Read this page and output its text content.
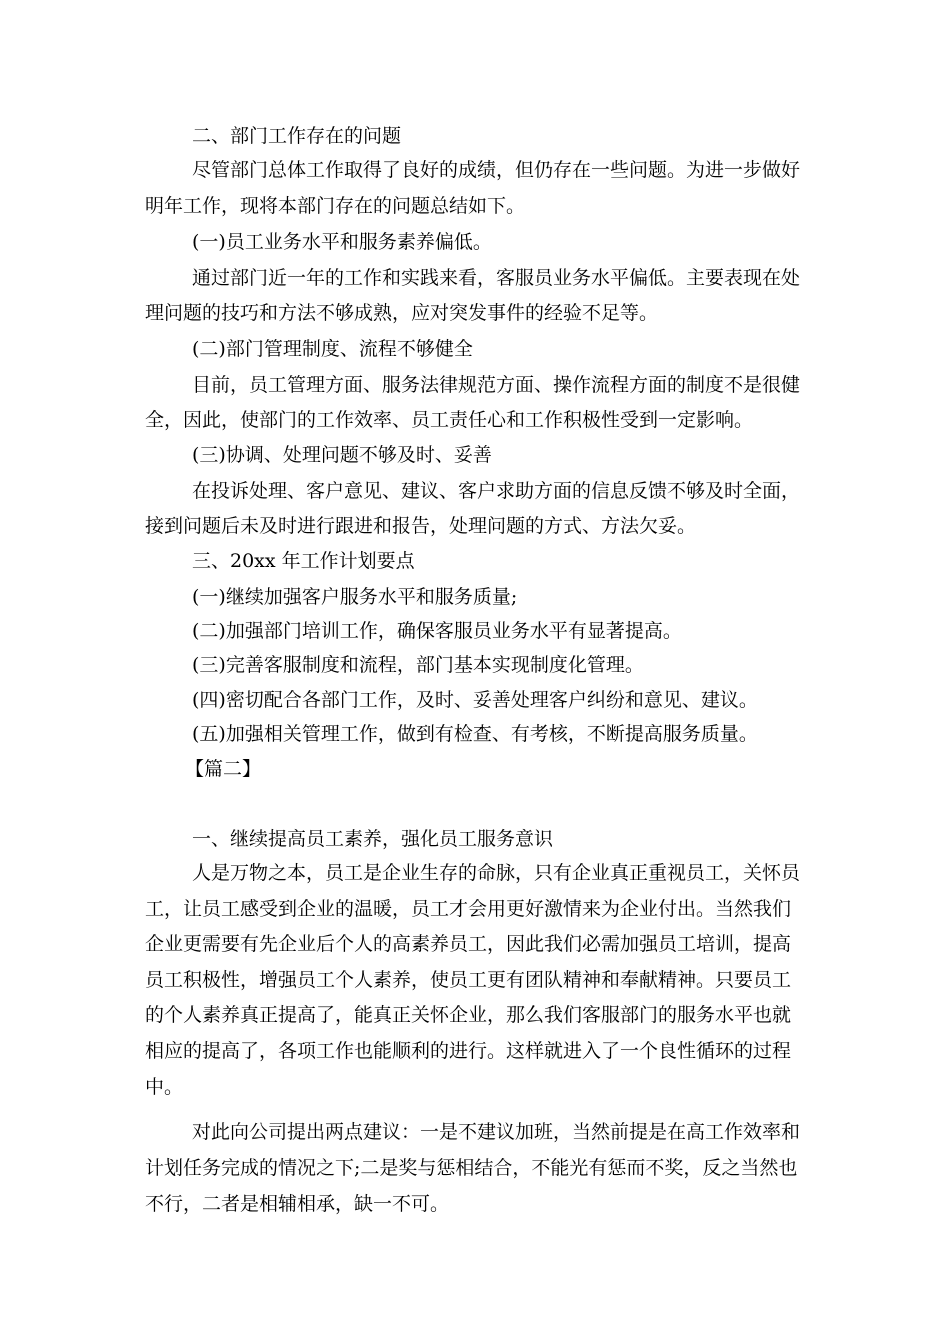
二、部门工作存在的问题
尽管部门总体工作取得了良好的成绩，但仍存在一些问题。为进一步做好
明年工作，现将本部门存在的问题总结如下。
(一)员工业务水平和服务素养偏低。
通过部门近一年的工作和实践来看，客服员业务水平偏低。主要表现在处
理问题的技巧和方法不够成熟，应对突发事件的经验不足等。
(二)部门管理制度、流程不够健全
目前，员工管理方面、服务法律规范方面、操作流程方面的制度不是很健
全，因此，使部门的工作效率、员工责任心和工作积极性受到一定影响。
(三)协调、处理问题不够及时、妥善
在投诉处理、客户意见、建议、客户求助方面的信息反馈不够及时全面，
接到问题后未及时进行跟进和报告，处理问题的方式、方法欠妥。
三、20xx 年工作计划要点
(一)继续加强客户服务水平和服务质量;
(二)加强部门培训工作，确保客服员业务水平有显著提高。
(三)完善客服制度和流程，部门基本实现制度化管理。
(四)密切配合各部门工作，及时、妥善处理客户纠纷和意见、建议。
(五)加强相关管理工作，做到有检查、有考核，不断提高服务质量。
【篇二】
一、继续提高员工素养，强化员工服务意识
人是万物之本，员工是企业生存的命脉，只有企业真正重视员工，关怀员
工，让员工感受到企业的温暖，员工才会用更好激情来为企业付出。当然我们
企业更需要有先企业后个人的高素养员工，因此我们必需加强员工培训，提高
员工积极性，增强员工个人素养，使员工更有团队精神和奉献精神。只要员工
的个人素养真正提高了，能真正关怀企业，那么我们客服部门的服务水平也就
相应的提高了，各项工作也能顺利的进行。这样就进入了一个良性循环的过程
中。
对此向公司提出两点建议：一是不建议加班，当然前提是在高工作效率和
计划任务完成的情况之下;二是奖与惩相结合，不能光有惩而不奖，反之当然也
不行，二者是相辅相承，缺一不可。
